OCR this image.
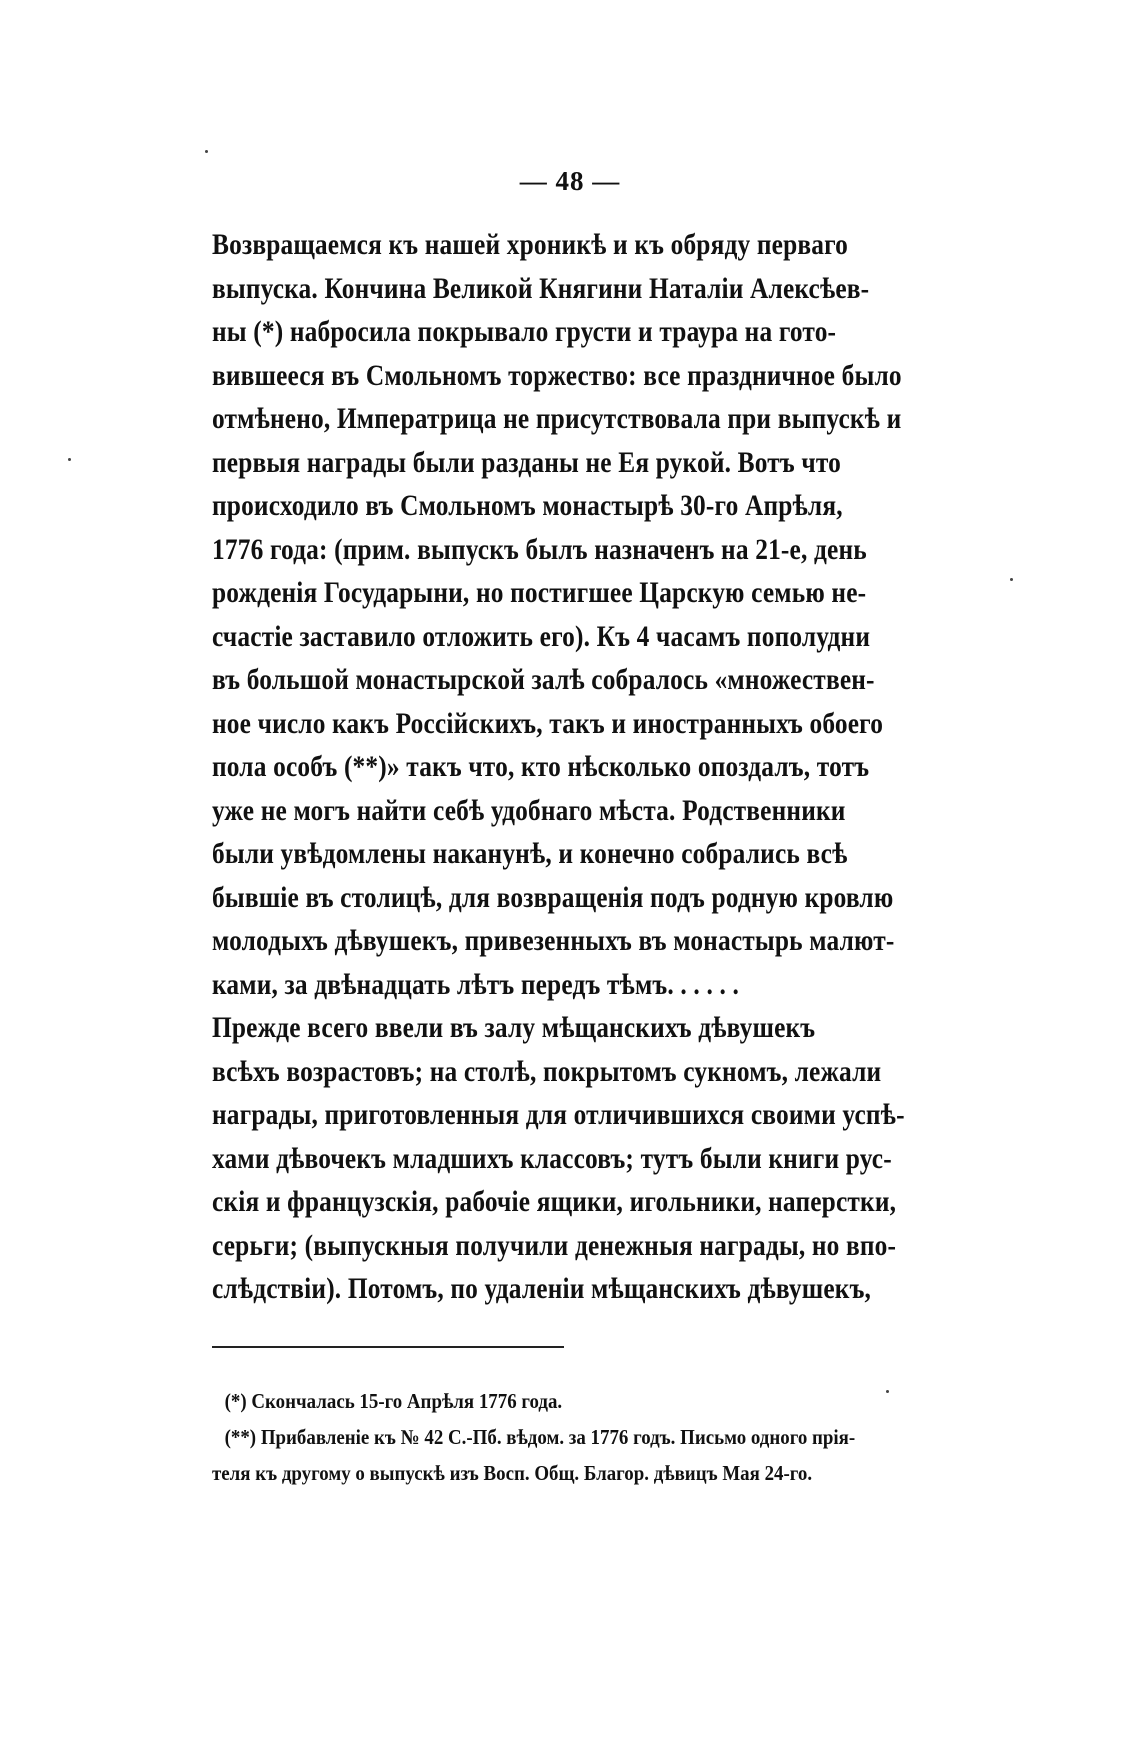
— 48 —
Возвращаемся къ нашей хроникѣ и къ обряду перваго
выпуска. Кончина Великой Княгини Наталіи Алексѣев-
ны (*) набросила покрывало грусти и траура на гото-
вившееся въ Смольномъ торжество: все праздничное было
отмѣнено, Императрица не присутствовала при выпускѣ и
первыя награды были разданы не Ея рукой. Вотъ что
происходило въ Смольномъ монастырѣ 30-го Апрѣля,
1776 года: (прим. выпускъ былъ назначенъ на 21-е, день
рожденія Государыни, но постигшее Царскую семью не-
счастіе заставило отложить его). Къ 4 часамъ пополудни
въ большой монастырской залѣ собралось «множествен-
ное число какъ Россійскихъ, такъ и иностранныхъ обоего
пола особъ (**)» такъ что, кто нѣсколько опоздалъ, тотъ
уже не могъ найти себѣ удобнаго мѣста. Родственники
были увѣдомлены наканунѣ, и конечно собрались всѣ
бывшіе въ столицѣ, для возвращенія подъ родную кровлю
молодыхъ дѣвушекъ, привезенныхъ въ монастырь малют-
ками, за двѣнадцать лѣтъ передъ тѣмъ. . . . . .
Прежде всего ввели въ залу мѣщанскихъ дѣвушекъ
всѣхъ возрастовъ; на столѣ, покрытомъ сукномъ, лежали
награды, приготовленныя для отличившихся своими успѣ-
хами дѣвочекъ младшихъ классовъ; тутъ были книги рус-
скія и французскія, рабочіе ящики, игольники, наперстки,
серьги; (выпускныя получили денежныя награды, но впо-
слѣдствіи). Потомъ, по удаленіи мѣщанскихъ дѣвушекъ,
(*) Скончалась 15-го Апрѣля 1776 года.
(**) Прибавленіе къ № 42 С.-Пб. вѣдом. за 1776 годъ. Письмо одного прія-
теля къ другому о выпускѣ изъ Восп. Общ. Благор. дѣвицъ Мая 24-го.
